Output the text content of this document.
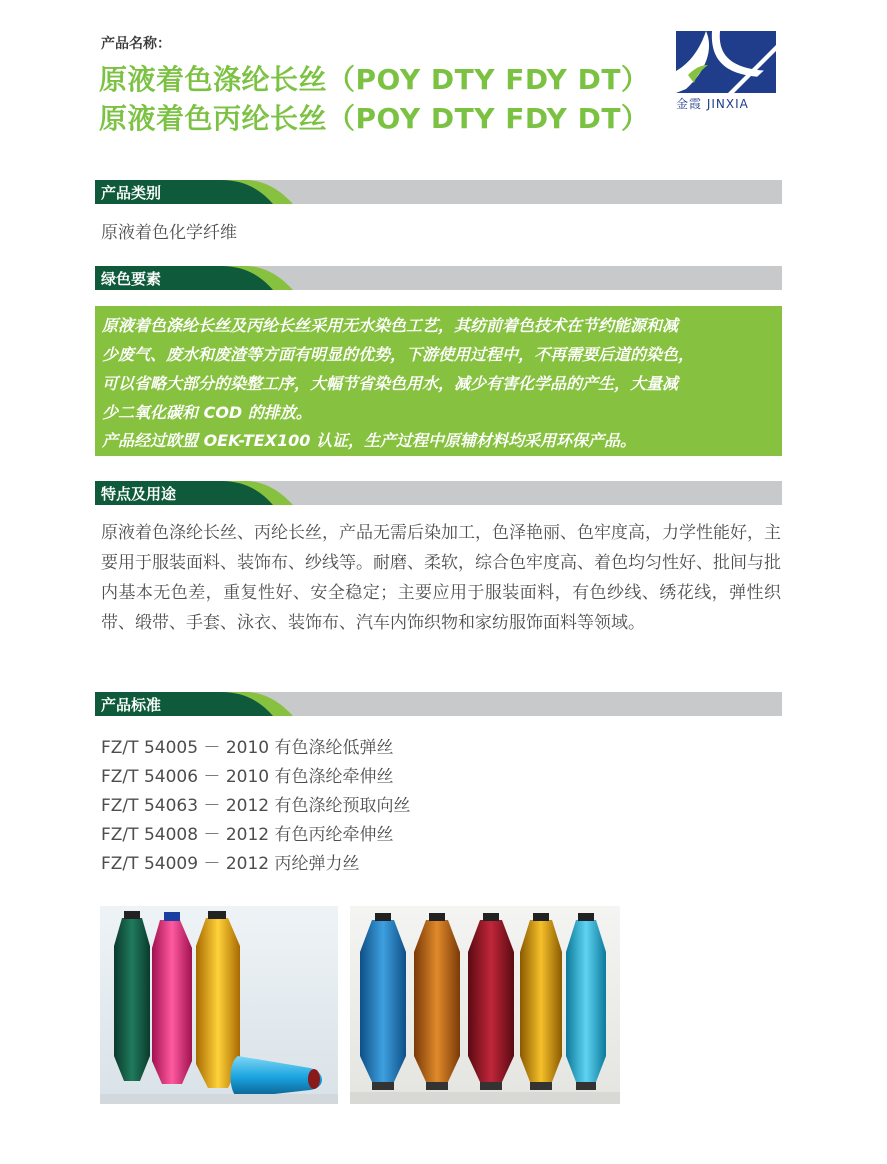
产品名称：
原液着色涤纶长丝（POY DTY FDY DT）
原液着色丙纶长丝（POY DTY FDY DT） 金霞 JINXIA
产品类别
原液着色化学纤维
绿色要素
原液着色涤纶长丝及丙纶长丝采用无水染色工艺，其纺前着色技术在节约能源和减
少废气、废水和废渣等方面有明显的优势，下游使用过程中，不再需要后道的染色，
可以省略大部分的染整工序，大幅节省染色用水，减少有害化学品的产生，大量减
少二氧化碳和 COD 的排放。
产品经过欧盟 OEK-TEX100 认证，生产过程中原辅材料均采用环保产品。
特点及用途
原液着色涤纶长丝、丙纶长丝，产品无需后染加工，色泽艳丽、色牢度高，力学性能好，主要用于服装面料、装饰布、纱线等。耐磨、柔软，综合色牢度高、着色均匀性好、批间与批内基本无色差，重复性好、安全稳定；主要应用于服装面料，有色纱线、绣花线，弹性织带、缎带、手套、泳衣、装饰布、汽车内饰织物和家纺服饰面料等领域。
产品标准
FZ/T 54005 － 2010 有色涤纶低弹丝
FZ/T 54006 － 2010 有色涤纶牵伸丝
FZ/T 54063 － 2012 有色涤纶预取向丝
FZ/T 54008 － 2012 有色丙纶牵伸丝
FZ/T 54009 － 2012 丙纶弹力丝
